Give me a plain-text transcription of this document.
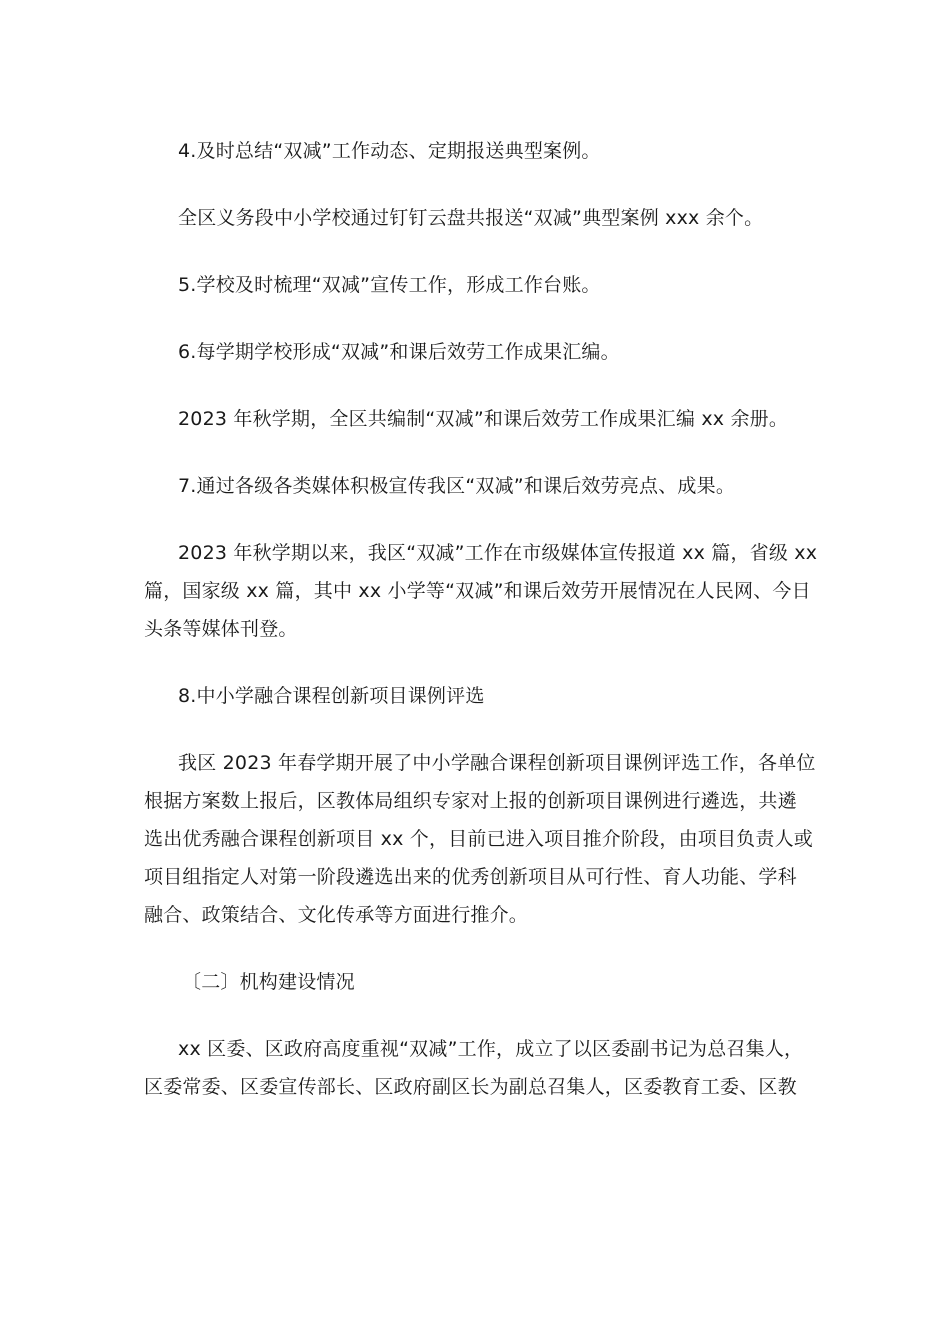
4.及时总结“双减”工作动态、定期报送典型案例。

全区义务段中小学校通过钉钉云盘共报送“双减”典型案例 xxx 余个。

5.学校及时梳理“双减”宣传工作，形成工作台账。

6.每学期学校形成“双减”和课后效劳工作成果汇编。

2023 年秋学期，全区共编制“双减”和课后效劳工作成果汇编 xx 余册。

7.通过各级各类媒体积极宣传我区“双减”和课后效劳亮点、成果。

2023 年秋学期以来，我区“双减”工作在市级媒体宣传报道 xx 篇，省级 xx
篇，国家级 xx 篇，其中 xx 小学等“双减”和课后效劳开展情况在人民网、今日
头条等媒体刊登。

8.中小学融合课程创新项目课例评选

我区 2023 年春学期开展了中小学融合课程创新项目课例评选工作，各单位
根据方案数上报后，区教体局组织专家对上报的创新项目课例进行遴选，共遴
选出优秀融合课程创新项目 xx 个，目前已进入项目推介阶段，由项目负责人或
项目组指定人对第一阶段遴选出来的优秀创新项目从可行性、育人功能、学科
融合、政策结合、文化传承等方面进行推介。

〔二〕机构建设情况

xx 区委、区政府高度重视“双减”工作，成立了以区委副书记为总召集人，
区委常委、区委宣传部长、区政府副区长为副总召集人，区委教育工委、区教
